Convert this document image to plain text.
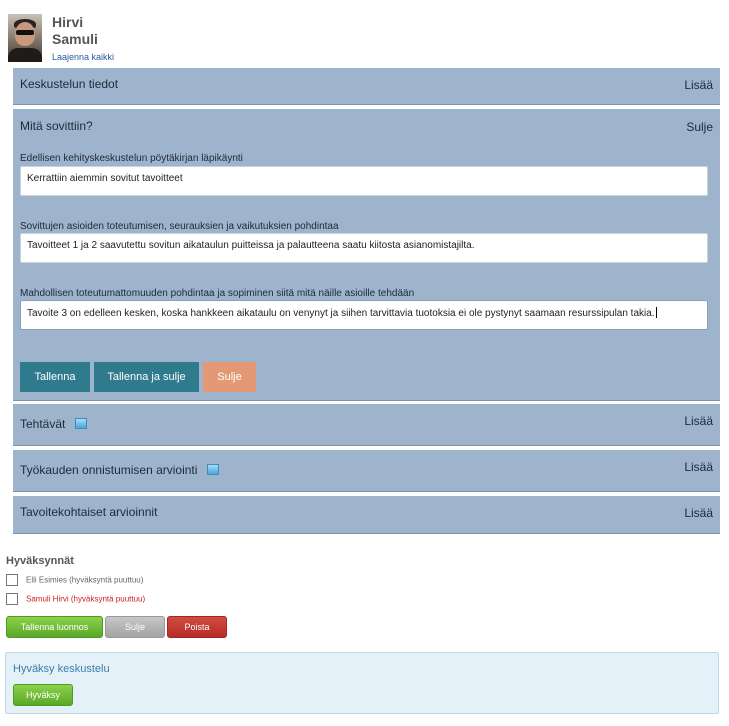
Hirvi
Samuli
Laajenna kaikki
Keskustelun tiedot	Lisää
Mitä sovittiin?	Sulje
Edellisen kehityskeskustelun pöytäkirjan läpikäynti
Kerrattiin aiemmin sovitut tavoitteet
Sovittujen asioiden toteutumisen, seurauksien ja vaikutuksien pohdintaa
Tavoitteet 1 ja 2 saavutettu sovitun aikataulun puitteissa ja palautteena saatu kiitosta asianomistajilta.
Mahdollisen toteutumattomuuden pohdintaa ja sopiminen siitä mitä näille asioille tehdään
Tavoite 3 on edelleen kesken, koska hankkeen aikataulu on venynyt ja siihen tarvittavia tuotoksia ei ole pystynyt saamaan resurssipulan takia.
Tallenna	Tallenna ja sulje	Sulje
Tehtävät	Lisää
Työkauden onnistumisen arviointi	Lisää
Tavoitekohtaiset arvioinnit	Lisää
Hyväksynnät
Elli Esimies (hyväksyntä puuttuu)
Samuli Hirvi (hyväksyntä puuttuu)
Tallenna luonnos	Sulje	Poista
Hyväksy keskustelu
Hyväksy
